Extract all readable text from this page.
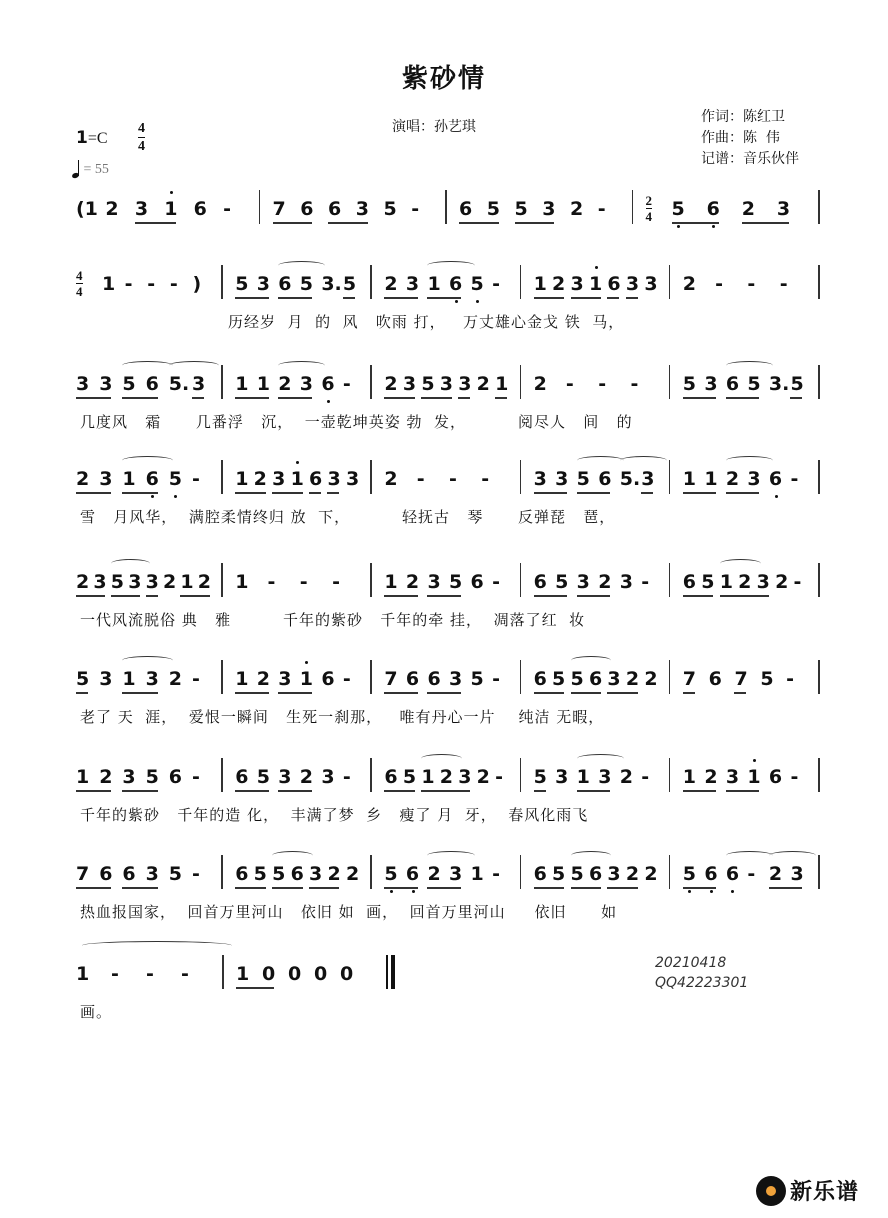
紫砂情
演唱：孙艺琪
作词：陈红卫
作曲：陈  伟
记谱：音乐伙伴
1=C
4
4
= 55
(1 2 3 1 6 - 7 6 6 3 5 - 6 5 5 3 2 -	2
4 5 6 2 3
4
4 1 - - - ) 5 3 6 5 3. 5 2 3 1 6 5 - 1 2 3 1 6 3 3 2 - - -
历经岁  月  的  风   吹雨 打，   万丈雄心金戈 铁  马，
3 3 5 6 5. 3 1 1 2 3 6 - 2 3 5 3 3 2 1 2 - - - 5 3 6 5 3. 5
几度风   霜      几番浮   沉，  一壶乾坤英姿 勃  发，         阅尽人   间   的
2 3 1 6 5 - 1 2 3 1 6 3 3 2 - - - 3 3 5 6 5. 3 1 1 2 3 6 -
雪   月风华，  满腔柔情终归 放  下，         轻抚古   琴      反弹琵   琶，
2 3 5 3 3 2 1 2 1 - - - 1 2 3 5 6 - 6 5 3 2 3 - 6 5 1 2 3 2 -
一代风流脱俗 典   雅         千年的紫砂   千年的牵 挂，  凋落了红  妆
5 3 1 3 2 - 1 2 3 1 6 - 7 6 6 3 5 - 6 5 5 6 3 2 2 7 6 7 5 -
老了 天  涯，  爱恨一瞬间   生死一刹那，   唯有丹心一片    纯洁 无暇，
1 2 3 5 6 - 6 5 3 2 3 - 6 5 1 2 3 2 - 5 3 1 3 2 - 1 2 3 1 6 -
千年的紫砂   千年的造 化，  丰满了梦  乡   瘦了 月  牙，  春风化雨飞
7 6 6 3 5 - 6 5 5 6 3 2 2 5 6 2 3 1 - 6 5 5 6 3 2 2 5 6 6 - 2 3
热血报国家，  回首万里河山   依旧 如  画，  回首万里河山     依旧      如
1 - - - 1 0 0 0 0
画。
20210418
QQ42223301
新乐谱
